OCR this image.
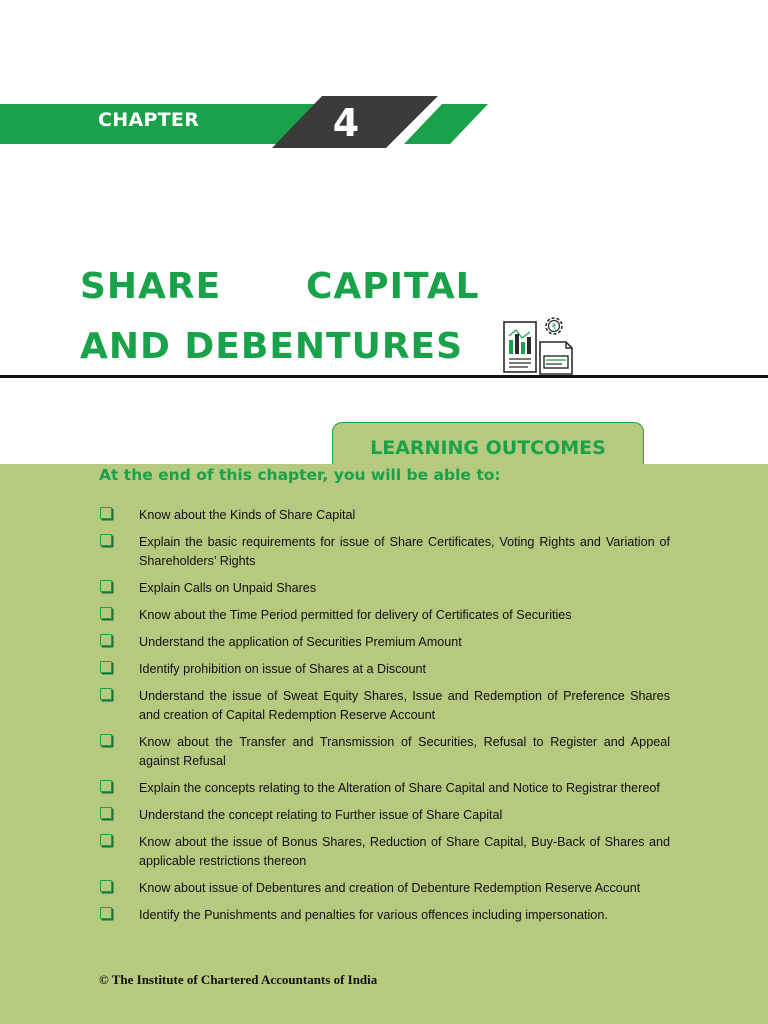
CHAPTER	4
SHARE CAPITAL
AND DEBENTURES	₹
LEARNING OUTCOMES
At the end of this chapter, you will be able to:
Know about the Kinds of Share Capital
Explain the basic requirements for issue of Share Certificates, Voting Rights and Variation of Shareholders’ Rights
Explain Calls on Unpaid Shares
Know about the Time Period permitted for delivery of Certificates of Securities
Understand the application of Securities Premium Amount
Identify prohibition on issue of Shares at a Discount
Understand the issue of Sweat Equity Shares, Issue and Redemption of Preference Shares and creation of Capital Redemption Reserve Account
Know about the Transfer and Transmission of Securities, Refusal to Register and Appeal against Refusal
Explain the concepts relating to the Alteration of Share Capital and Notice to Registrar thereof
Understand the concept relating to Further issue of Share Capital
Know about the issue of Bonus Shares, Reduction of Share Capital, Buy-Back of Shares and applicable restrictions thereon
Know about issue of Debentures and creation of Debenture Redemption Reserve Account
Identify the Punishments and penalties for various offences including impersonation.
© The Institute of Chartered Accountants of India
